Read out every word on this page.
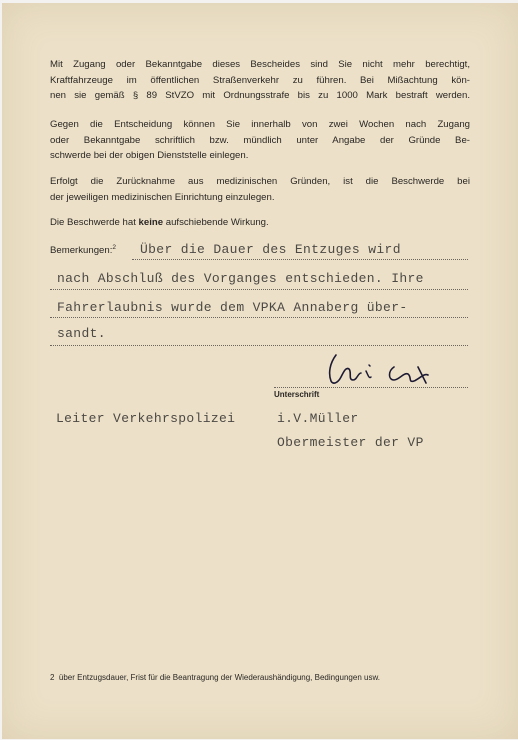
Mit Zugang oder Bekanntgabe dieses Bescheides sind Sie nicht mehr berechtigt,
Kraftfahrzeuge im öffentlichen Straßenverkehr zu führen. Bei Mißachtung kön-
nen sie gemäß § 89 StVZO mit Ordnungsstrafe bis zu 1000 Mark bestraft werden.
Gegen die Entscheidung können Sie innerhalb von zwei Wochen nach Zugang
oder Bekanntgabe schriftlich bzw. mündlich unter Angabe der Gründe Be-
schwerde bei der obigen Dienststelle einlegen.
Erfolgt die Zurücknahme aus medizinischen Gründen, ist die Beschwerde bei
der jeweiligen medizinischen Einrichtung einzulegen.
Die Beschwerde hat keine aufschiebende Wirkung.
Bemerkungen:$^2$ Über die Dauer des Entzuges wird
nach Abschluß des Vorganges entschieden. Ihre
Fahrerlaubnis wurde dem VPKA Annaberg über-
sandt.
Unterschrift
Leiter Verkehrspolizei	i.V.Müller
Obermeister der VP
2 über Entzugsdauer, Frist für die Beantragung der Wiederaushändigung, Bedingungen usw.
